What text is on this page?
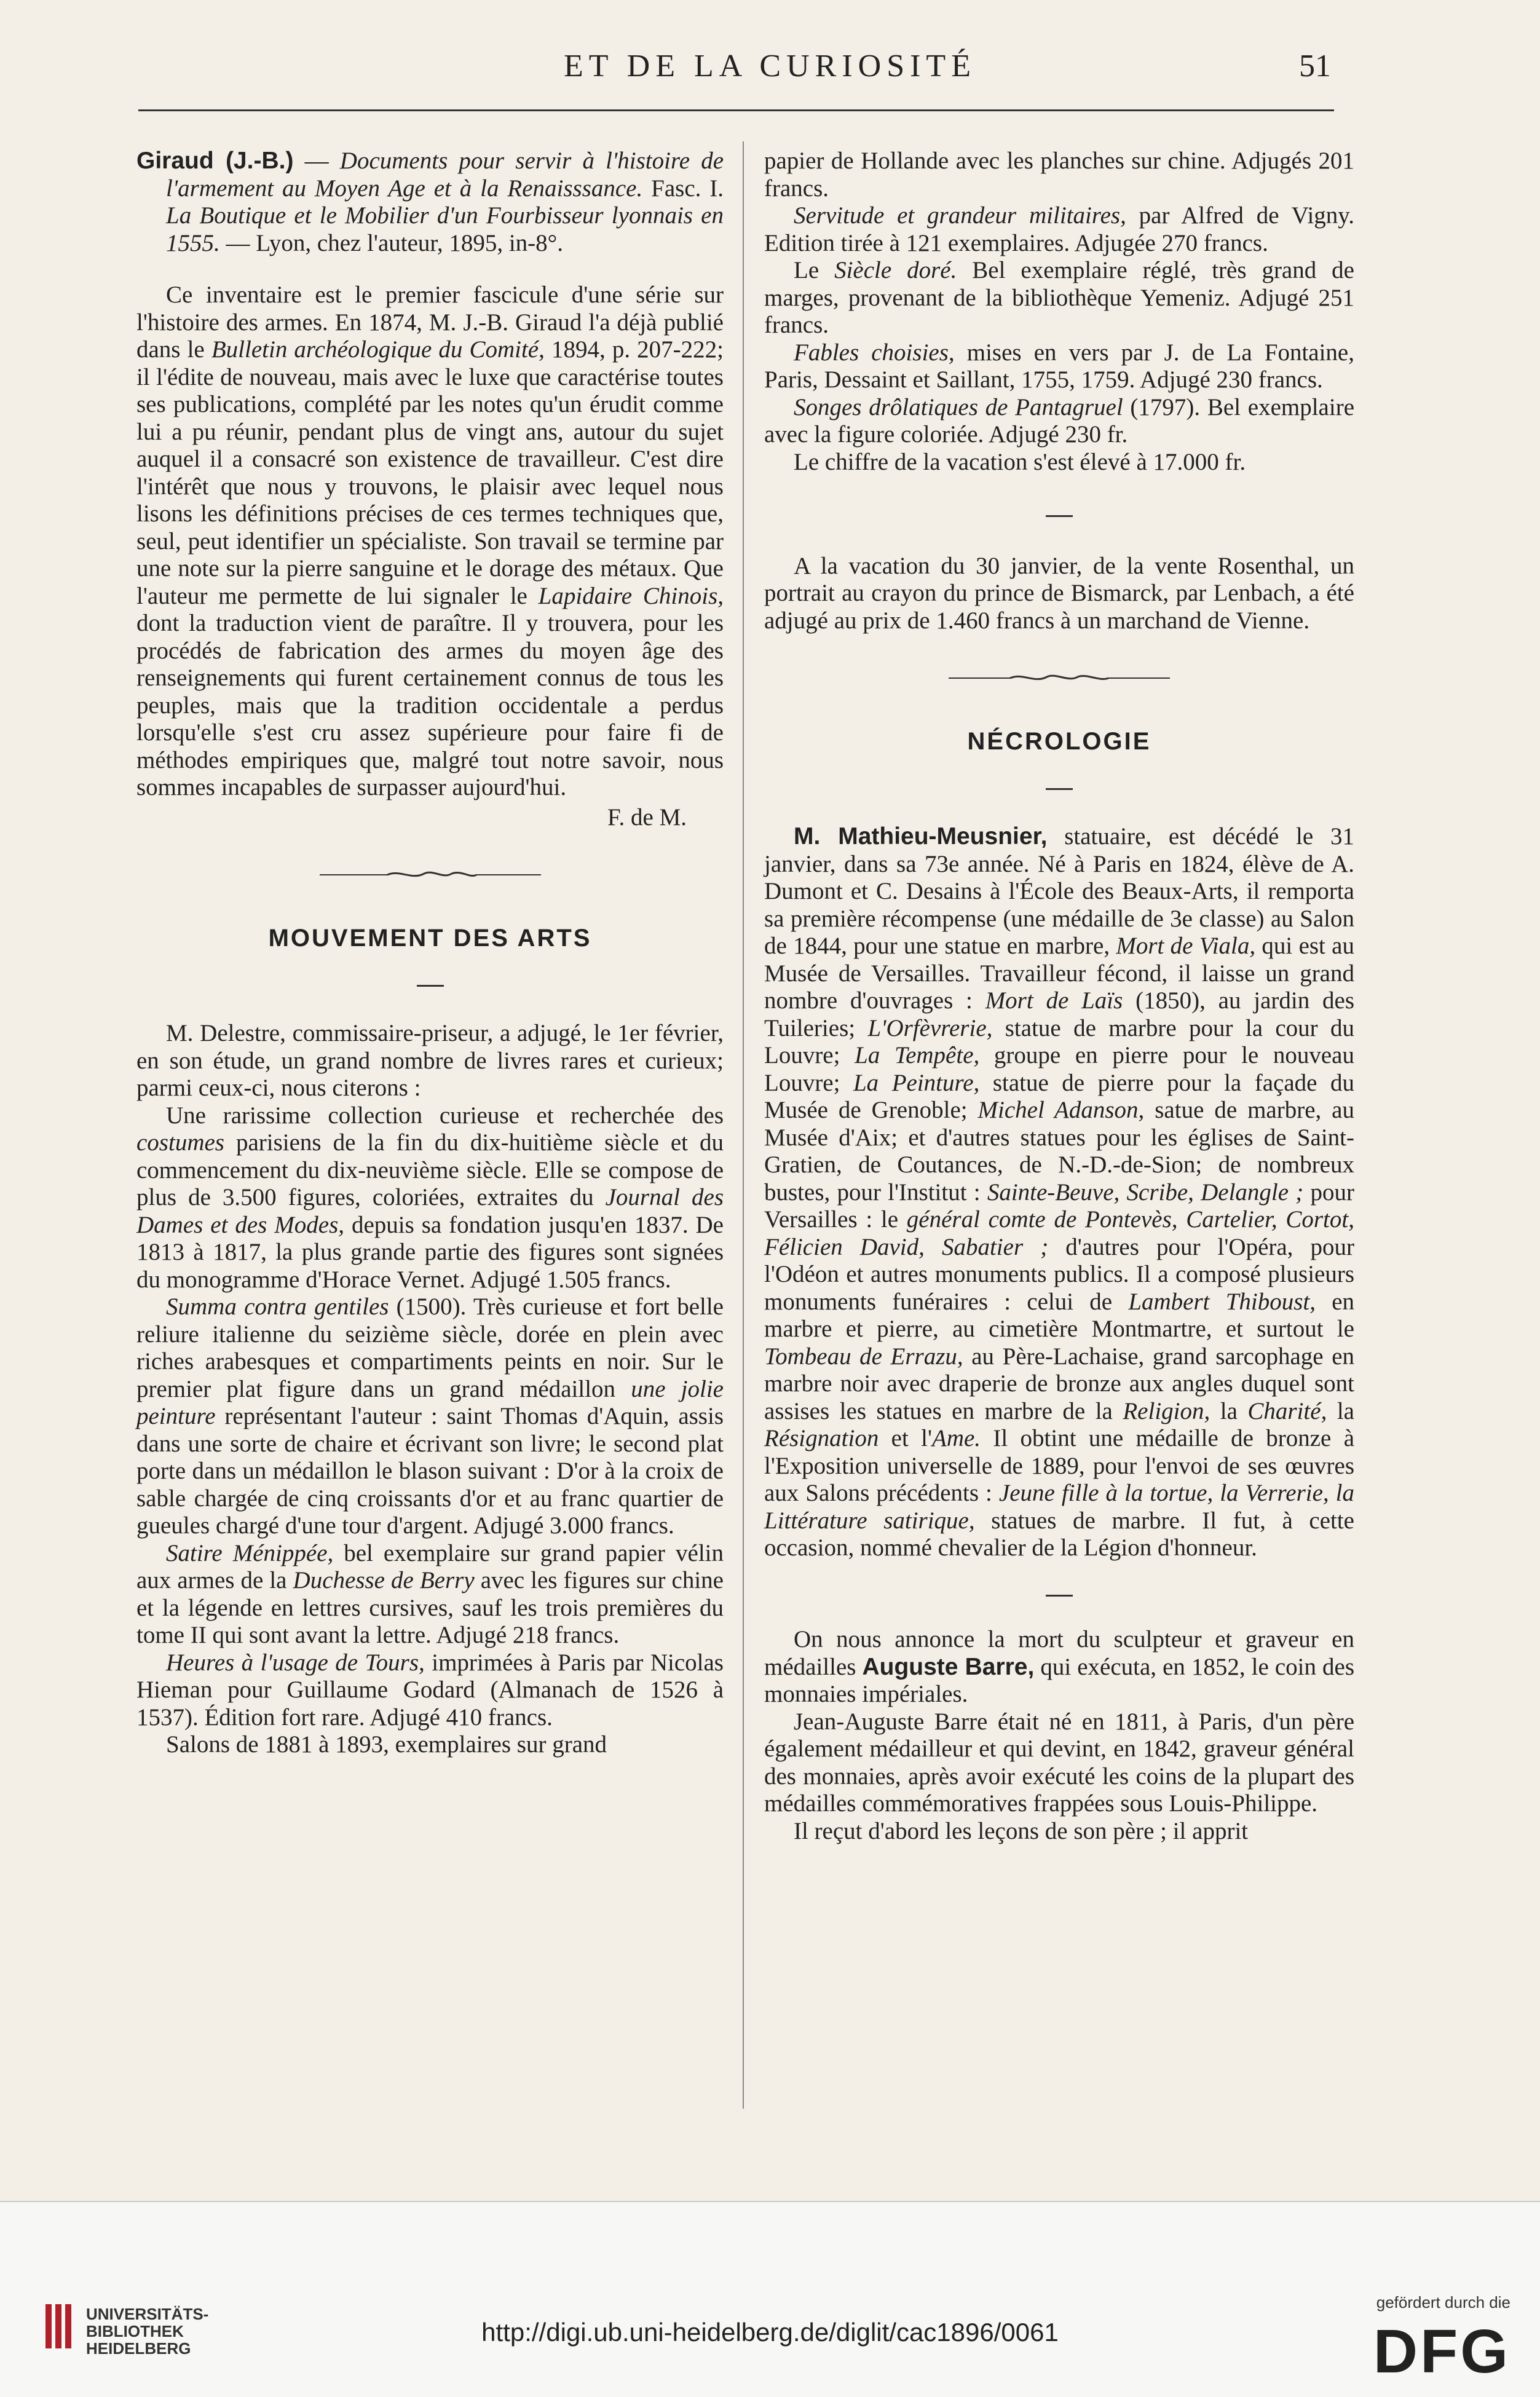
ET DE LA CURIOSITÉ	51

Giraud (J.-B.) — Documents pour servir à l'histoire de l'armement au Moyen Age et à la Renaisssance. Fasc. I. La Boutique et le Mobilier d'un Fourbisseur lyonnais en 1555. — Lyon, chez l'auteur, 1895, in-8°.

Ce inventaire est le premier fascicule d'une série sur l'histoire des armes. En 1874, M. J.-B. Giraud l'a déjà publié dans le Bulletin archéologique du Comité, 1894, p. 207-222; il l'édite de nouveau, mais avec le luxe que caractérise toutes ses publications, complété par les notes qu'un érudit comme lui a pu réunir, pendant plus de vingt ans, autour du sujet auquel il a consacré son existence de travailleur. C'est dire l'intérêt que nous y trouvons, le plaisir avec lequel nous lisons les définitions précises de ces termes techniques que, seul, peut identifier un spécialiste. Son travail se termine par une note sur la pierre sanguine et le dorage des métaux. Que l'auteur me permette de lui signaler le Lapidaire Chinois, dont la traduction vient de paraître. Il y trouvera, pour les procédés de fabrication des armes du moyen âge des renseignements qui furent certainement connus de tous les peuples, mais que la tradition occidentale a perdus lorsqu'elle s'est cru assez supérieure pour faire fi de méthodes empiriques que, malgré tout notre savoir, nous sommes incapables de surpasser aujourd'hui.

F. de M.

MOUVEMENT DES ARTS

M. Delestre, commissaire-priseur, a adjugé, le 1er février, en son étude, un grand nombre de livres rares et curieux; parmi ceux-ci, nous citerons :

Une rarissime collection curieuse et recherchée des costumes parisiens de la fin du dix-huitième siècle et du commencement du dix-neuvième siècle. Elle se compose de plus de 3.500 figures, coloriées, extraites du Journal des Dames et des Modes, depuis sa fondation jusqu'en 1837. De 1813 à 1817, la plus grande partie des figures sont signées du monogramme d'Horace Vernet. Adjugé 1.505 francs.

Summa contra gentiles (1500). Très curieuse et fort belle reliure italienne du seizième siècle, dorée en plein avec riches arabesques et compartiments peints en noir. Sur le premier plat figure dans un grand médaillon une jolie peinture représentant l'auteur : saint Thomas d'Aquin, assis dans une sorte de chaire et écrivant son livre; le second plat porte dans un médaillon le blason suivant : D'or à la croix de sable chargée de cinq croissants d'or et au franc quartier de gueules chargé d'une tour d'argent. Adjugé 3.000 francs.

Satire Ménippée, bel exemplaire sur grand papier vélin aux armes de la Duchesse de Berry avec les figures sur chine et la légende en lettres cursives, sauf les trois premières du tome II qui sont avant la lettre. Adjugé 218 francs.

Heures à l'usage de Tours, imprimées à Paris par Nicolas Hieman pour Guillaume Godard (Almanach de 1526 à 1537). Édition fort rare. Adjugé 410 francs.

Salons de 1881 à 1893, exemplaires sur grand

papier de Hollande avec les planches sur chine. Adjugés 201 francs.

Servitude et grandeur militaires, par Alfred de Vigny. Edition tirée à 121 exemplaires. Adjugée 270 francs.

Le Siècle doré. Bel exemplaire réglé, très grand de marges, provenant de la bibliothèque Yemeniz. Adjugé 251 francs.

Fables choisies, mises en vers par J. de La Fontaine, Paris, Dessaint et Saillant, 1755, 1759. Adjugé 230 francs.

Songes drôlatiques de Pantagruel (1797). Bel exemplaire avec la figure coloriée. Adjugé 230 fr.

Le chiffre de la vacation s'est élevé à 17.000 fr.

A la vacation du 30 janvier, de la vente Rosenthal, un portrait au crayon du prince de Bismarck, par Lenbach, a été adjugé au prix de 1.460 francs à un marchand de Vienne.

NÉCROLOGIE

M. Mathieu-Meusnier, statuaire, est décédé le 31 janvier, dans sa 73e année. Né à Paris en 1824, élève de A. Dumont et C. Desains à l'École des Beaux-Arts, il remporta sa première récompense (une médaille de 3e classe) au Salon de 1844, pour une statue en marbre, Mort de Viala, qui est au Musée de Versailles. Travailleur fécond, il laisse un grand nombre d'ouvrages : Mort de Laïs (1850), au jardin des Tuileries; L'Orfèvrerie, statue de marbre pour la cour du Louvre; La Tempête, groupe en pierre pour le nouveau Louvre; La Peinture, statue de pierre pour la façade du Musée de Grenoble; Michel Adanson, satue de marbre, au Musée d'Aix; et d'autres statues pour les églises de Saint-Gratien, de Coutances, de N.-D.-de-Sion; de nombreux bustes, pour l'Institut : Sainte-Beuve, Scribe, Delangle ; pour Versailles : le général comte de Pontevès, Cartelier, Cortot, Félicien David, Sabatier ; d'autres pour l'Opéra, pour l'Odéon et autres monuments publics. Il a composé plusieurs monuments funéraires : celui de Lambert Thiboust, en marbre et pierre, au cimetière Montmartre, et surtout le Tombeau de Errazu, au Père-Lachaise, grand sarcophage en marbre noir avec draperie de bronze aux angles duquel sont assises les statues en marbre de la Religion, la Charité, la Résignation et l'Ame. Il obtint une médaille de bronze à l'Exposition universelle de 1889, pour l'envoi de ses œuvres aux Salons précédents : Jeune fille à la tortue, la Verrerie, la Littérature satirique, statues de marbre. Il fut, à cette occasion, nommé chevalier de la Légion d'honneur.

On nous annonce la mort du sculpteur et graveur en médailles Auguste Barre, qui exécuta, en 1852, le coin des monnaies impériales.

Jean-Auguste Barre était né en 1811, à Paris, d'un père également médailleur et qui devint, en 1842, graveur général des monnaies, après avoir exécuté les coins de la plupart des médailles commémoratives frappées sous Louis-Philippe.

Il reçut d'abord les leçons de son père ; il apprit

UNIVERSITÄTS-
BIBLIOTHEK
HEIDELBERG
http://digi.ub.uni-heidelberg.de/diglit/cac1896/0061
gefördert durch die
DFG
